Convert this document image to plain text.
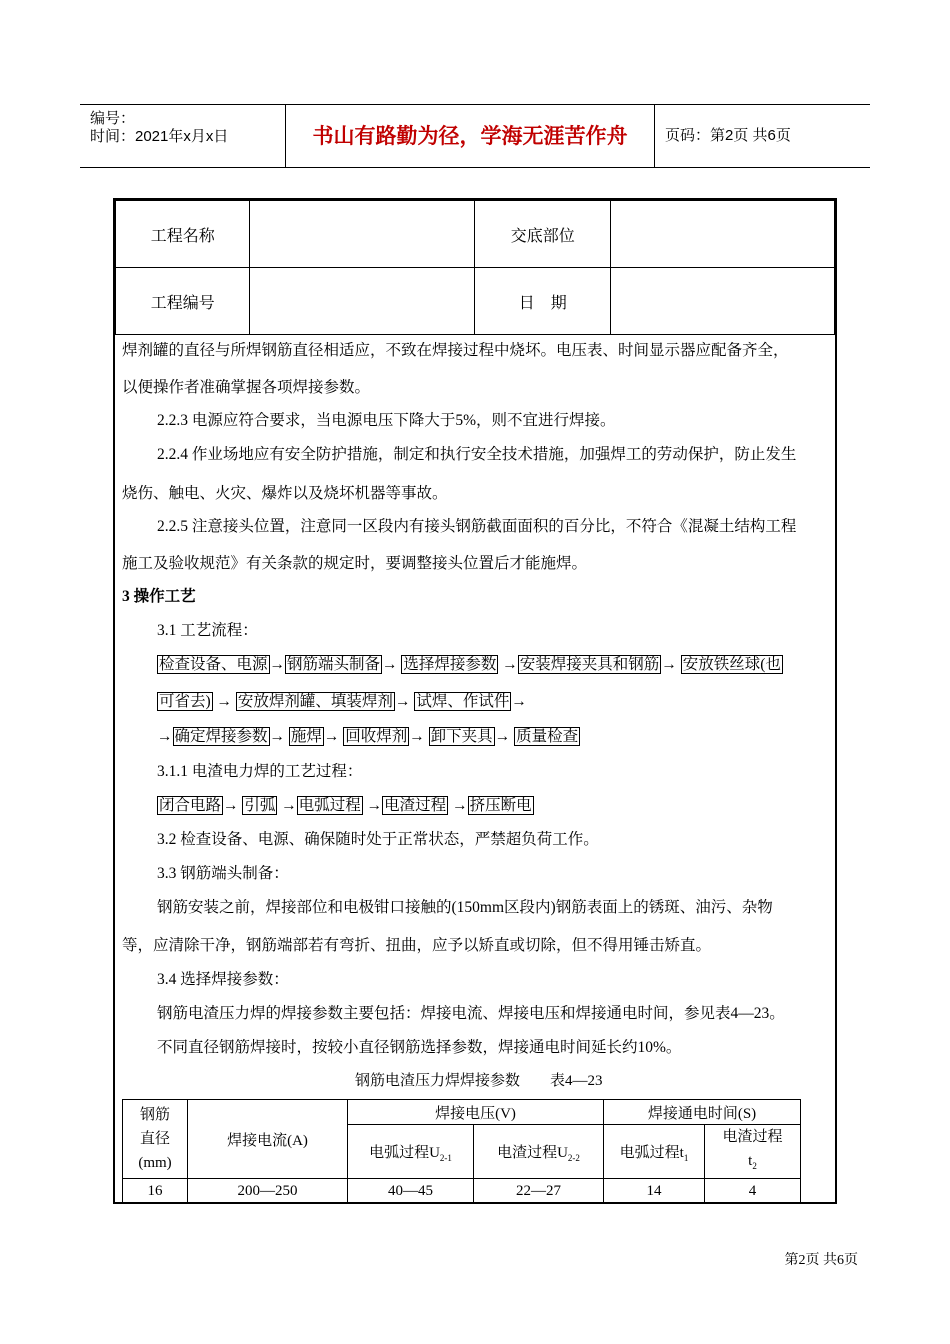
编号：
时间：2021年x月x日	书山有路勤为径，学海无涯苦作舟	页码：第2页 共6页
工程名称		交底部位	
工程编号		日　期	
焊剂罐的直径与所焊钢筋直径相适应，不致在焊接过程中烧坏。电压表、时间显示器应配备齐全，
以便操作者准确掌握各项焊接参数。
2.2.3 电源应符合要求，当电源电压下降大于5%，则不宜进行焊接。
2.2.4 作业场地应有安全防护措施，制定和执行安全技术措施，加强焊工的劳动保护，防止发生
烧伤、触电、火灾、爆炸以及烧坏机器等事故。
2.2.5 注意接头位置，注意同一区段内有接头钢筋截面面积的百分比，不符合《混凝土结构工程
施工及验收规范》有关条款的规定时，要调整接头位置后才能施焊。
3 操作工艺
3.1 工艺流程：
检查设备、电源 → 钢筋端头制备 → 选择焊接参数 → 安装焊接夹具和钢筋 → 安放铁丝球(也
可省去) → 安放焊剂罐、填装焊剂 → 试焊、作试件 →
→ 确定焊接参数 → 施焊 → 回收焊剂 → 卸下夹具 → 质量检查
3.1.1 电渣电力焊的工艺过程：
闭合电路 → 引弧 → 电弧过程 → 电渣过程 → 挤压断电
3.2 检查设备、电源、确保随时处于正常状态，严禁超负荷工作。
3.3 钢筋端头制备：
钢筋安装之前，焊接部位和电极钳口接触的(150mm区段内)钢筋表面上的锈斑、油污、杂物
等，应清除干净，钢筋端部若有弯折、扭曲，应予以矫直或切除，但不得用锤击矫直。
3.4 选择焊接参数：
钢筋电渣压力焊的焊接参数主要包括：焊接电流、焊接电压和焊接通电时间，参见表4—23。
不同直径钢筋焊接时，按较小直径钢筋选择参数，焊接通电时间延长约10%。
钢筋电渣压力焊焊接参数　　表4—23
钢筋
直径
(mm)	焊接电流(A)	焊接电压(V)		焊接通电时间(S)	
		电弧过程$U_{2-1}$	电渣过程$U_{2-2}$	电弧过程$t_1$	电渣过程
$t_2$

16	200—250	40—45	22—27	14	4
第2页 共6页
